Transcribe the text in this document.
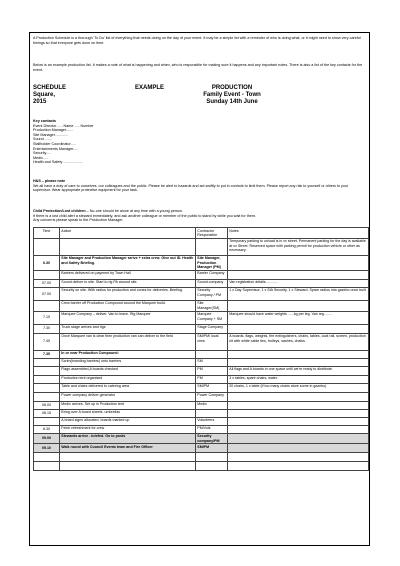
A Production Schedule is a thorough 'To Do' list of everything that needs doing on the day of your event. It may be a simple list with a reminder of who is doing what, or it might need to show very careful timings so that everyone gets done on time.
Below is an example production list. It makes a note of what is happening and when, who is responsible for making sure it happens and any important notes. There is also a list of the key contacts for the event.
SCHEDULE
Square,
2015
EXAMPLE	PRODUCTION
Family Event - Town
Sunday 14th June
Key contacts
Event Director ..... Name ..... Number
Production Manager.......
Site Manager.............
Sound .......
Stallholder Coordinator.....
Entertainments Manager.....
Security.....
Medic.....
Health and Safety ...................
H&S – please note
We all have a duty of care to ourselves, our colleagues and the public. Please be alert to hazards and act swiftly to put in controls to limit them. Please report any risk to yourself or others to your supervisor. Wear appropriate protective equipment for your task.
Child Protection/Lost children – No-one should be alone at any time with a young person.
If there is a lost child alert a steward immediately, and ask another colleague or member of the public to stand by while you wait for them.
Any concerns please speak to the Production Manager.
Time	Action	Contractor Responsible	Notes
			Temporary parking to unload is in xx street. Permanent parking for the day is available at xx Street. Reserved space with parking permit for production vehicle or other as necessary.
6.30	Site Manager and Production Manager arrive + extra crew. Give out ID. Health and Safety Briefing.	Site Manager, Production Manager (PM)	
	Barriers delivered on payment by Town Hall	Barrier Company	
07.00	Sound deliver to site. Start to rig PA around site.	Sound company	Van registration details............
07.00	Security on site. With radios for production and cones for deliveries. Briefing.	Security Company / PM	1 x Day Supervisor, 1 x SIA Security, 1 x Steward. Spare radios into gazebo once built
	Crew barrier off Production Compound around the Marquee build.	Site Manager(SM)	
7.15	Marquee Company – deliver. Van to leave. Rig Marquee	Marquee Company + SM	Marquee should have water weights ......kg per leg. Van reg........
7.30	Truck stage arrives and rigs	Stage Company	
7.45	Once Marquee van is clear then production van can deliver to the field	SM/PM/ local crew	A boards, flags, weights, fire extinguishers, chairs, tables, coat rail, screen, production kit with white cable ties, trolleys, sashes, chalks.
7.35	In or near Production Compound:		
	Scrim(branding barriers) onto barriers	SM	
	Flags assembled,A boards checked	PM	All flags and A boards in one space until we're ready to distribute.
	Production tent organised	PM	3 x tables, spare chairs, water.
	Table and chairs delivered to catering area	SM/PM	20 chairs, 1 x table (if too many chairs store some in gazebo)
	Power company deliver generator	Power Company	
08.00	Medic arrives. Set up in Production tent	Medic	
08.15	Bring over A board sheets, umbrellas		
	A board signs allocated, boards marked up	Volunteers	
8.30	Fetch refreshment for crew	PM/Vols	
09.00	Stewards arrive - briefed. Go to posts	Security company/PM	
09.10	Walk round with Council Events team and Fire Officer	SM/PM	
